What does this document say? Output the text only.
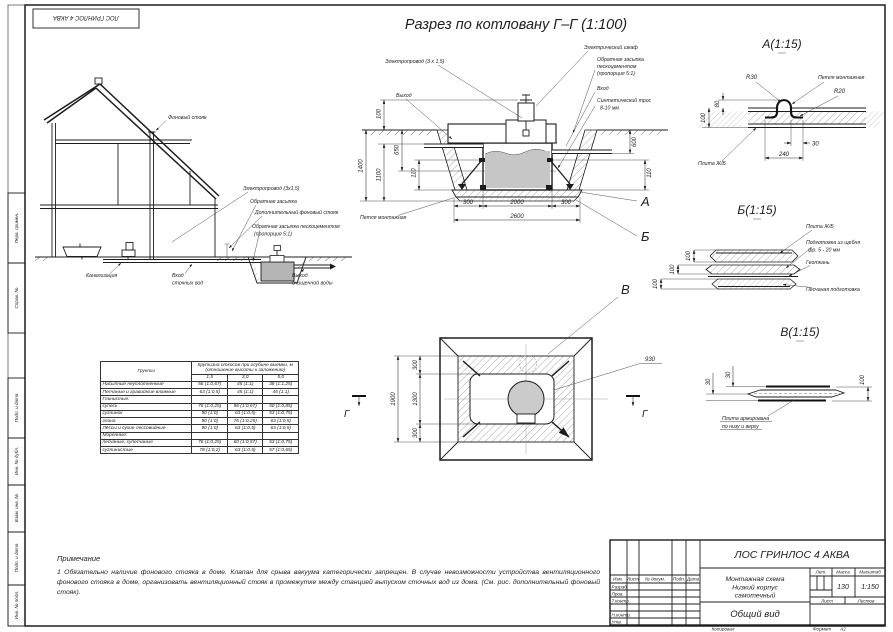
ЛОС ГРИНЛОС 4 АКВА
Перв. примен.
Справ. №
Подп. и дата
Инв. № дубл.
Взам. инв. №
Подп. и дата
Инв. № подл.
Разрез по котловану Г–Г (1:100)
Фоновый стояк
Электропровод (3х1,5)
Обратная засыпка
Дополнительный фоновый стояк
Обратная засыпка пескоцементом
(пропорция 5:1)
Канализация	Вход
сточных вод
Выход
очищенной воды
100
650
1100
1400
110
600
110
300	2000	300
2600
Электропровод (3 х 1,5)
Электрический шкаф
Обратная засыпка
пескоцементом
(пропорция 5:1)
Вход
Синтетический трос
8-10 мм
Выход
Петля монтажная
А
Б
А(1:15)
R30	Петля монтажная
R20
Плита Ж/Б
80
100
30
240
Б(1:15)
100
100
100
Плита Ж/Б
Подготовка из щебня
фр. 5 - 20 мм
Геоткань
Песчаная подготовка
В(1:15)
30
30	100
Плита армирована
по низу и верху
930
300
1300
300
1900
Г	Г
В
Изм. Лист № докум. Подп. Дата
Разраб.
Пров.
Т.контр.
Н.контр.
Утв.
ЛОС ГРИНЛОС 4 АКВА
Монтажная схема
Низкий корпус
самотечный
Общий вид
Лит. Масса Масштаб
130 1:150
Лист	Листов
Копировал	Формат А2
Грунты	Крутизна откосов при глубине выемки, м
(отношение высоты к заложению)		
	1,5	3,0	5,0
Насыпные неуплотненные	56 (1:0,67)	45 (1:1)	38 (1:1,25)
Песчаные и гравийные влажные	63 (1:0,5)	45 (1:1)	45 (1:1)
Глинистые:			
супесь	76 (1:0,25)	56 (1:0,67)	50 (1:0,85)
суглинок	90 (1:0)	63 (1:0,5)	53 (1:0,75)
глина	90 (1:0)	76 (1:0,25)	63 (1:0,5)
Лёссы и сухие лессовидные	90 (1:0)	63 (1:0,5)	63 (1:0,5)
Моренные:			
песчаные, супесчаные	76 (1:0,25)	60 (1:0,57)	53 (1:0,75)
суглинистые	78 (1:0,2)	63 (1:0,5)	57 (1:0,65)
Примечание
1 Обязательно наличие фонового стояка в доме. Клапан для срыва вакуума категорически запрещен. В случае невозможности устройства вентиляционного фонового стояка в доме, организовать вентиляционный стояк в промежутке между станцией выпуском сточных вод из дома. (См. рис. дополнительный фоновый стояк).
